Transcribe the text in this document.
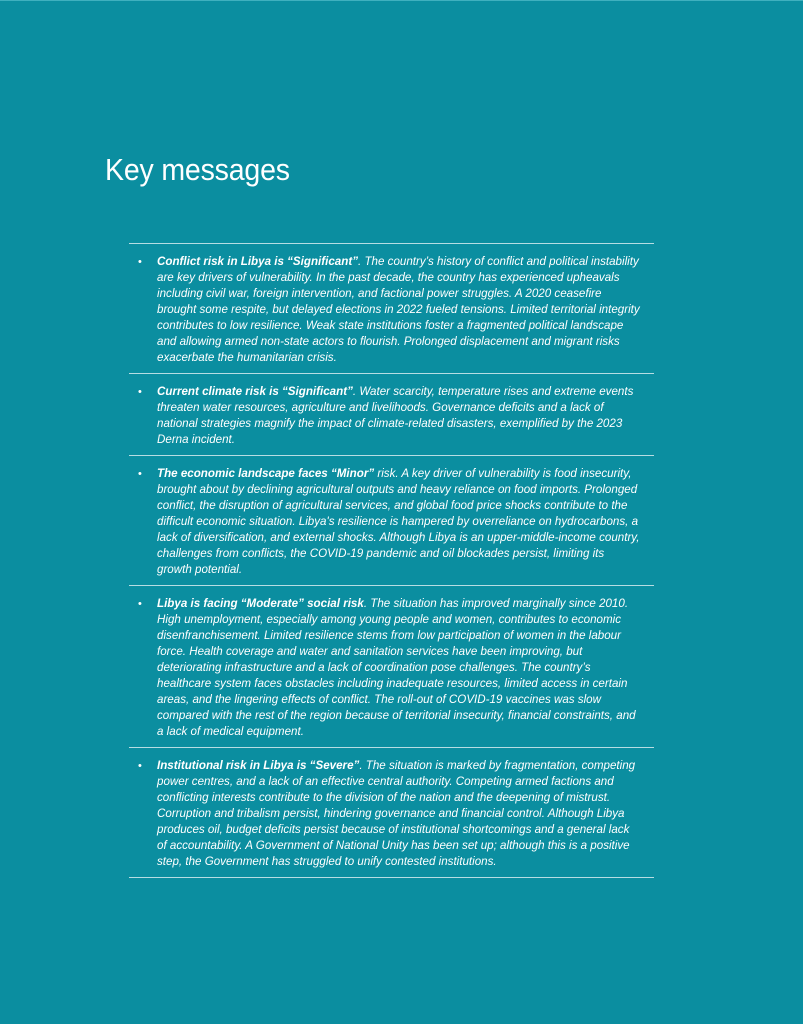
Key messages
• Conflict risk in Libya is “Significant”. The country’s history of conflict and political instability are key drivers of vulnerability. In the past decade, the country has experienced upheavals including civil war, foreign intervention, and factional power struggles. A 2020 ceasefire brought some respite, but delayed elections in 2022 fueled tensions. Limited territorial integrity contributes to low resilience. Weak state institutions foster a fragmented political landscape and allowing armed non-state actors to flourish. Prolonged displacement and migrant risks exacerbate the humanitarian crisis.
• Current climate risk is “Significant”. Water scarcity, temperature rises and extreme events threaten water resources, agriculture and livelihoods. Governance deficits and a lack of national strategies magnify the impact of climate-related disasters, exemplified by the 2023 Derna incident.
• The economic landscape faces “Minor” risk. A key driver of vulnerability is food insecurity, brought about by declining agricultural outputs and heavy reliance on food imports. Prolonged conflict, the disruption of agricultural services, and global food price shocks contribute to the difficult economic situation. Libya's resilience is hampered by overreliance on hydrocarbons, a lack of diversification, and external shocks. Although Libya is an upper-middle-income country, challenges from conflicts, the COVID-19 pandemic and oil blockades persist, limiting its growth potential.
• Libya is facing “Moderate” social risk. The situation has improved marginally since 2010. High unemployment, especially among young people and women, contributes to economic disenfranchisement. Limited resilience stems from low participation of women in the labour force. Health coverage and water and sanitation services have been improving, but deteriorating infrastructure and a lack of coordination pose challenges. The country’s healthcare system faces obstacles including inadequate resources, limited access in certain areas, and the lingering effects of conflict. The roll-out of COVID-19 vaccines was slow compared with the rest of the region because of territorial insecurity, financial constraints, and a lack of medical equipment.
• Institutional risk in Libya is “Severe”. The situation is marked by fragmentation, competing power centres, and a lack of an effective central authority. Competing armed factions and conflicting interests contribute to the division of the nation and the deepening of mistrust. Corruption and tribalism persist, hindering governance and financial control. Although Libya produces oil, budget deficits persist because of institutional shortcomings and a general lack of accountability. A Government of National Unity has been set up; although this is a positive step, the Government has struggled to unify contested institutions.
